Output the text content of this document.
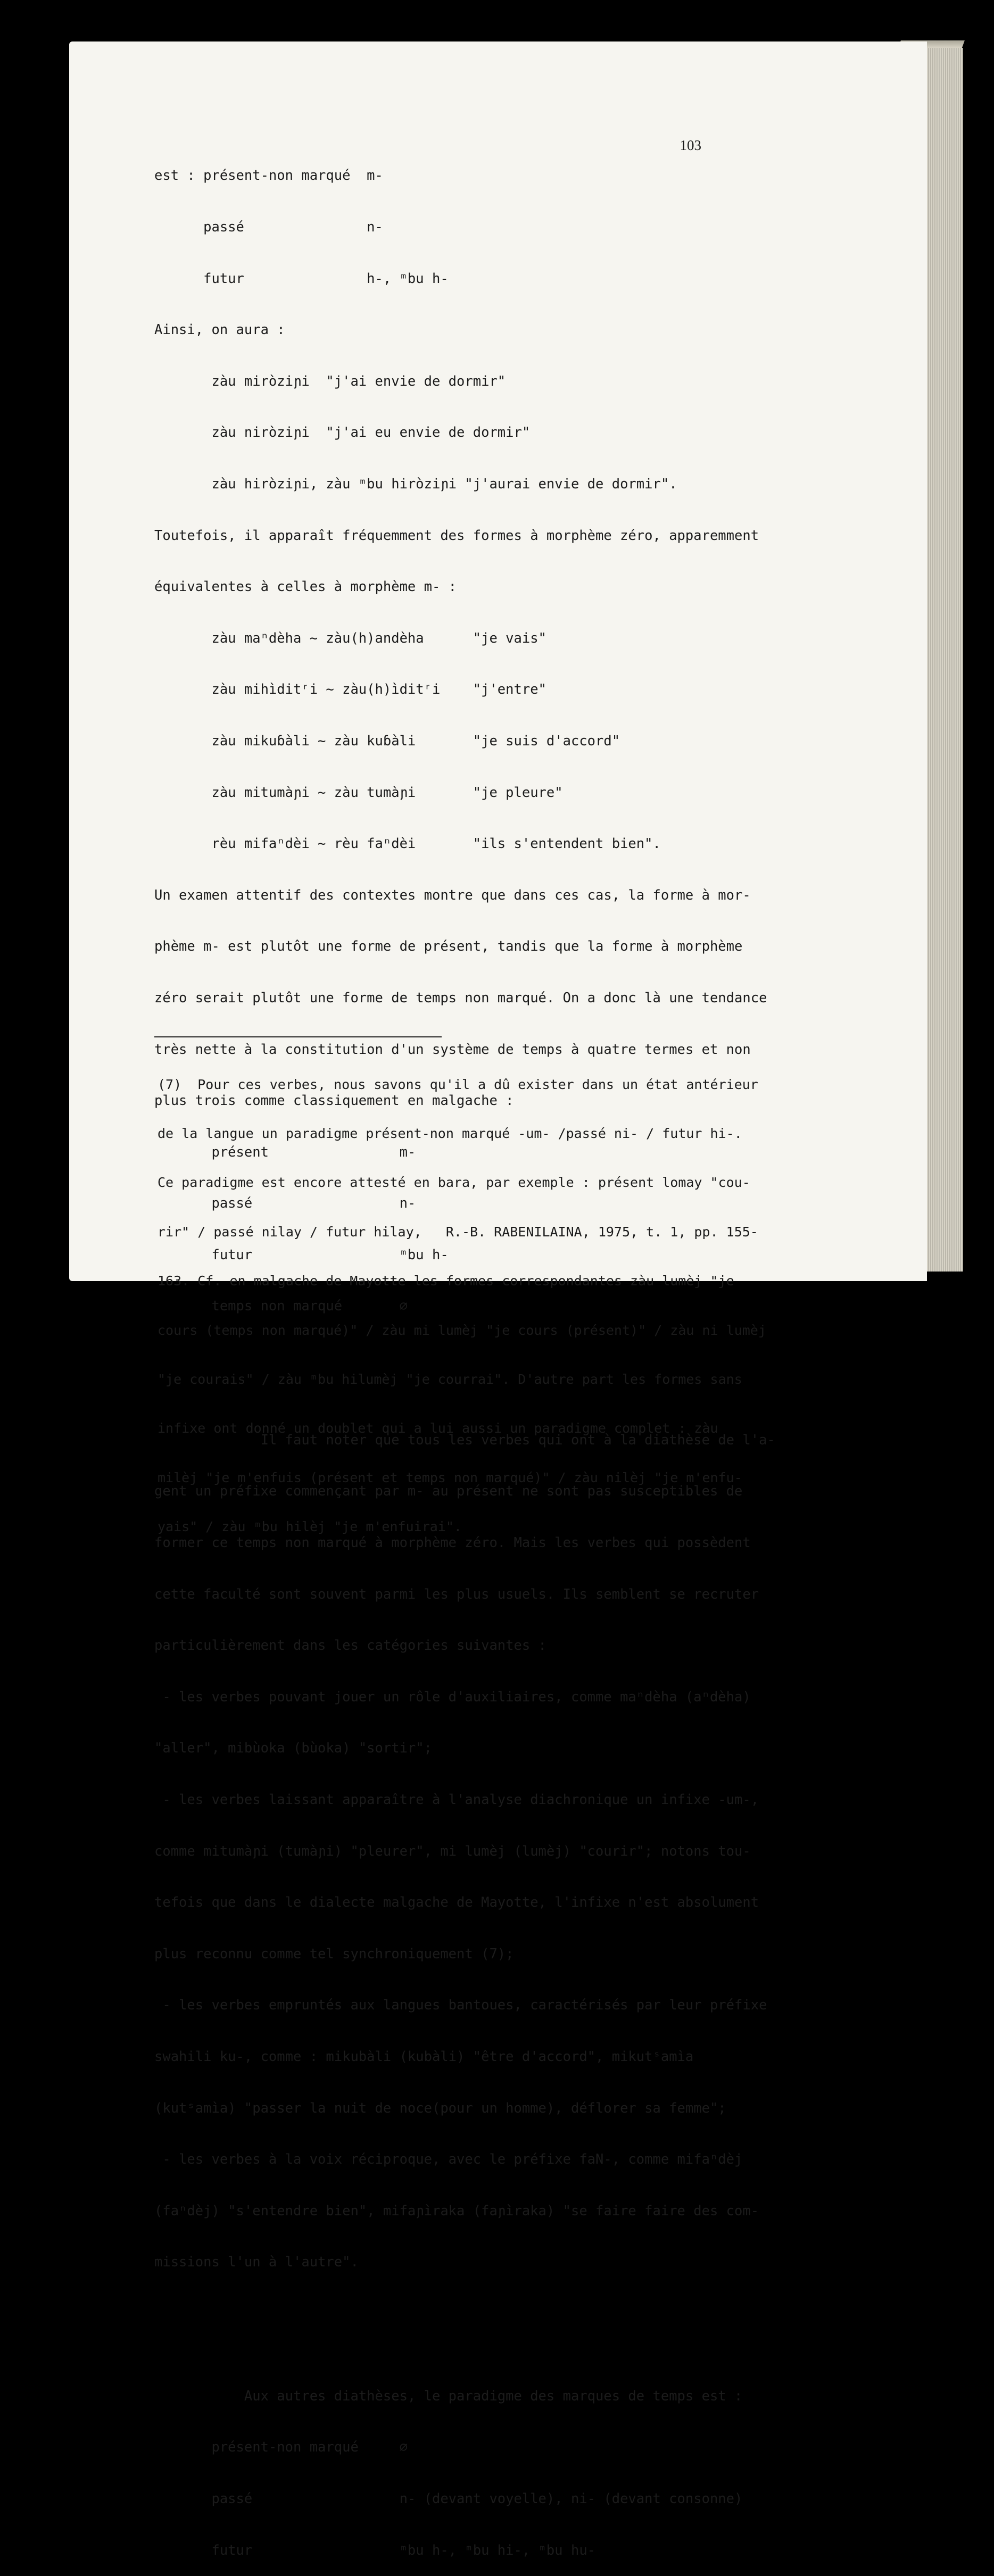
103

est : présent-non marqué  m-

passé               n-

futur               h-, ᵐbu h-

Ainsi, on aura :

zàu miròziɲi  "j'ai envie de dormir"

zàu niròziɲi  "j'ai eu envie de dormir"

zàu hiròziɲi, zàu ᵐbu hiròziɲi "j'aurai envie de dormir".

Toutefois, il apparaît fréquemment des formes à morphème zéro, apparemment

équivalentes à celles à morphème m- :

zàu maⁿdèha ~ zàu(h)andèha      "je vais"

zàu mihìditʳi ~ zàu(h)ìditʳi    "j'entre"

zàu mikuɓàli ~ zàu kuɓàli       "je suis d'accord"

zàu mitumàɲi ~ zàu tumàɲi       "je pleure"

rèu mifaⁿdèi ~ rèu faⁿdèi       "ils s'entendent bien".

Un examen attentif des contextes montre que dans ces cas, la forme à mor-

phème m- est plutôt une forme de présent, tandis que la forme à morphème

zéro serait plutôt une forme de temps non marqué. On a donc là une tendance

très nette à la constitution d'un système de temps à quatre termes et non

plus trois comme classiquement en malgache :

présent                m-

passé                  n-

futur                  ᵐbu h-

temps non marqué       ∅

Il faut noter que tous les verbes qui ont à la diathèse de l'a-

gent un préfixe commençant par m- au présent ne sont pas susceptibles de

former ce temps non marqué à morphème zéro. Mais les verbes qui possèdent

cette faculté sont souvent parmi les plus usuels. Ils semblent se recruter

particulièrement dans les catégories suivantes :

- les verbes pouvant jouer un rôle d'auxiliaires, comme maⁿdèha (aⁿdèha)

"aller", mibùoka (bùoka) "sortir";

- les verbes laissant apparaître à l'analyse diachronique un infixe -um-,

comme mitumàɲi (tumàɲi) "pleurer", mi lumèj (lumèj) "courir"; notons tou-

tefois que dans le dialecte malgache de Mayotte, l'infixe n'est absolument

plus reconnu comme tel synchroniquement (7);

- les verbes empruntés aux langues bantoues, caractérisés par leur préfixe

swahili ku-, comme : mikubàli (kubàli) "être d'accord", mikutˢamìa

(kutˢamìa) "passer la nuit de noce(pour un homme), déflorer sa femme";

- les verbes à la voix réciproque, avec le préfixe faN-, comme mifaⁿdèj

(faⁿdèj) "s'entendre bien", mifaɲìraka (faɲìraka) "se faire faire des com-

missions l'un à l'autre".

Aux autres diathèses, le paradigme des marques de temps est :

présent-non marqué     ∅

passé                  n- (devant voyelle), ni- (devant consonne)

futur                  ᵐbu h-, ᵐbu hi-, ᵐbu hu-

(7)  Pour ces verbes, nous savons qu'il a dû exister dans un état antérieur

de la langue un paradigme présent-non marqué -um- /passé ni- / futur hi-.

Ce paradigme est encore attesté en bara, par exemple : présent lomay "cou-

rir" / passé nilay / futur hilay,   R.-B. RABENILAINA, 1975, t. 1, pp. 155-

163. Cf. en malgache de Mayotte les formes correspondantes zàu lumèj "je

cours (temps non marqué)" / zàu mi lumèj "je cours (présent)" / zàu ni lumèj

"je courais" / zàu ᵐbu hilumèj "je courrai". D'autre part les formes sans

infixe ont donné un doublet qui a lui aussi un paradigme complet : zàu

milèj "je m'enfuis (présent et temps non marqué)" / zàu nilèj "je m'enfu-

yais" / zàu ᵐbu hilèj "je m'enfuirai".
